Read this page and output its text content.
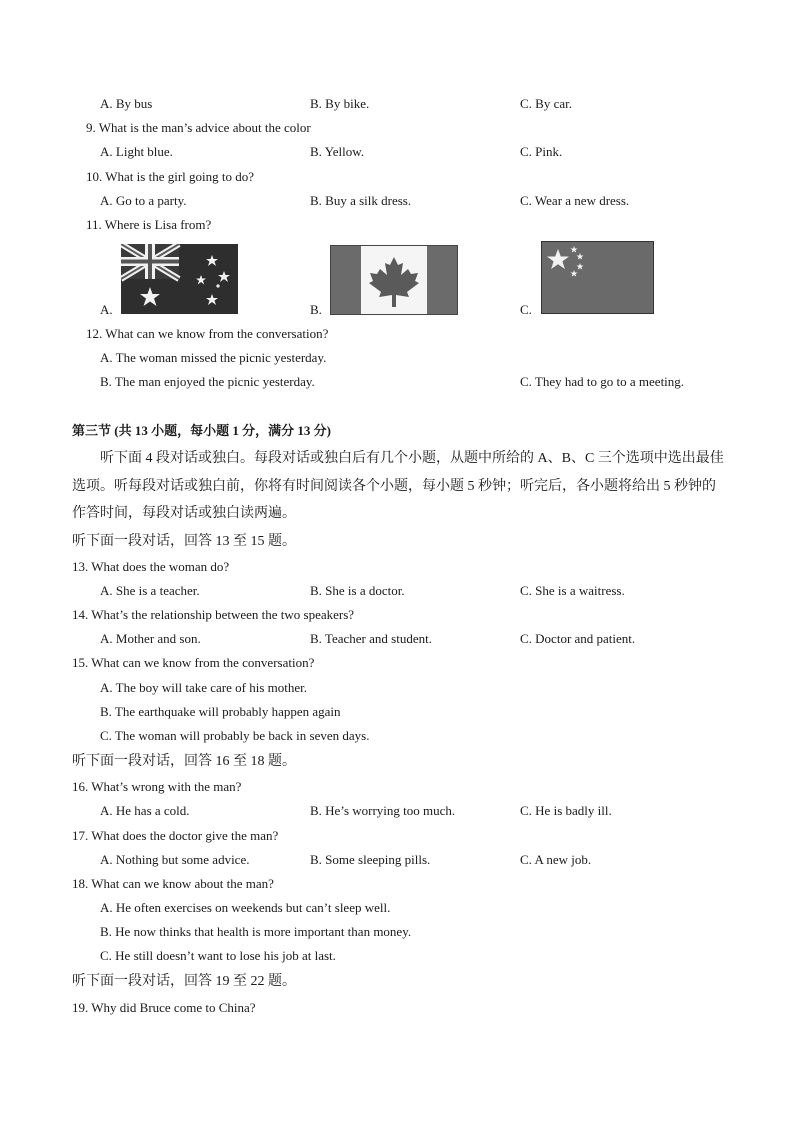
A. By bus	B. By bike.	C. By car.
9. What is the man’s advice about the color
A. Light blue.	B. Yellow.	C. Pink.
10. What is the girl going to do?
A. Go to a party.	B. Buy a silk dress.	C. Wear a new dress.
11. Where is Lisa from?
A.	B.	C.
12. What can we know from the conversation?
A. The woman missed the picnic yesterday.
B. The man enjoyed the picnic yesterday.	C. They had to go to a meeting.
第三节 (共 13 小题，每小题 1 分，满分 13 分)
听下面 4 段对话或独白。每段对话或独白后有几个小题，从题中所给的 A、B、C 三个选项中选出最佳
选项。听每段对话或独白前，你将有时间阅读各个小题，每小题 5 秒钟；听完后，各小题将给出 5 秒钟的
作答时间，每段对话或独白读两遍。
听下面一段对话，回答 13 至 15 题。
13. What does the woman do?
A. She is a teacher.	B. She is a doctor.	C. She is a waitress.
14. What’s the relationship between the two speakers?
A. Mother and son.	B. Teacher and student.	C. Doctor and patient.
15. What can we know from the conversation?
A. The boy will take care of his mother.
B. The earthquake will probably happen again
C. The woman will probably be back in seven days.
听下面一段对话，回答 16 至 18 题。
16. What’s wrong with the man?
A. He has a cold.	B. He’s worrying too much.	C. He is badly ill.
17. What does the doctor give the man?
A. Nothing but some advice.	B. Some sleeping pills.	C. A new job.
18. What can we know about the man?
A. He often exercises on weekends but can’t sleep well.
B. He now thinks that health is more important than money.
C. He still doesn’t want to lose his job at last.
听下面一段对话，回答 19 至 22 题。
19. Why did Bruce come to China?
